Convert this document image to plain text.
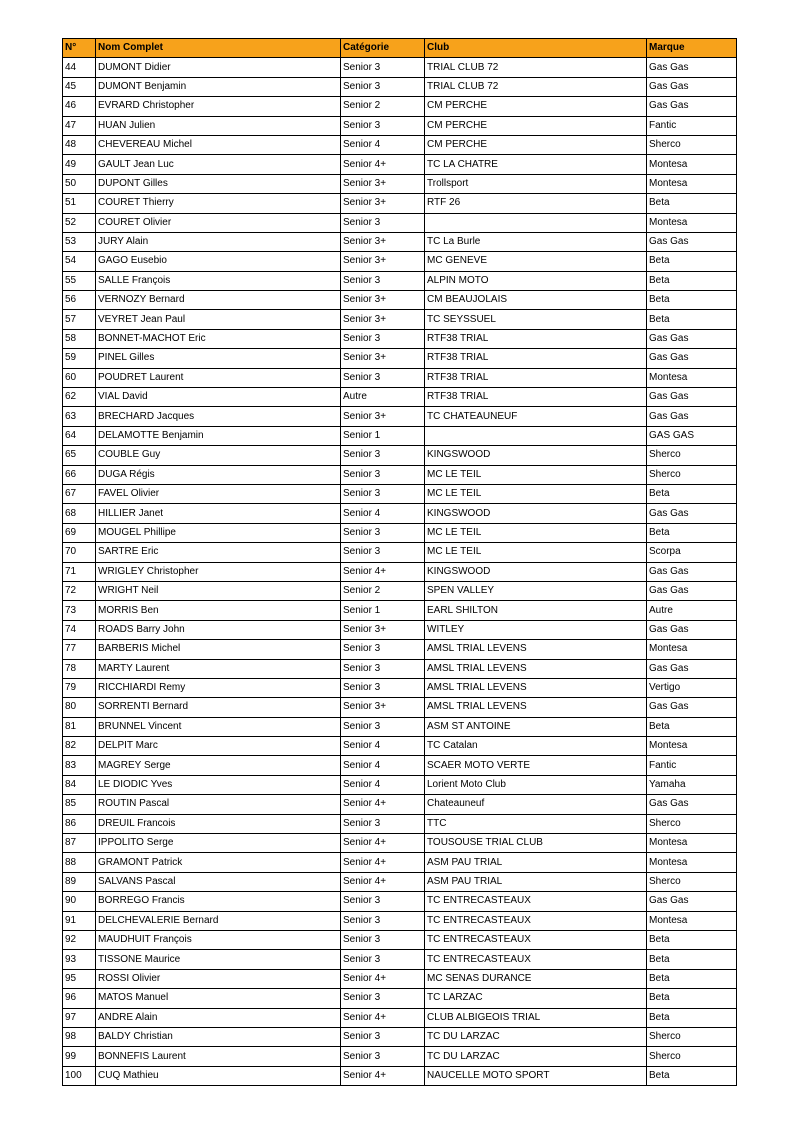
N°	Nom Complet	Catégorie	Club	Marque
44	DUMONT Didier	Senior 3	TRIAL CLUB 72	Gas Gas
45	DUMONT Benjamin	Senior 3	TRIAL CLUB 72	Gas Gas
46	EVRARD Christopher	Senior 2	CM PERCHE	Gas Gas
47	HUAN Julien	Senior 3	CM PERCHE	Fantic
48	CHEVEREAU Michel	Senior 4	CM PERCHE	Sherco
49	GAULT Jean Luc	Senior 4+	TC LA CHATRE	Montesa
50	DUPONT Gilles	Senior 3+	Trollsport	Montesa
51	COURET Thierry	Senior 3+	RTF 26	Beta
52	COURET Olivier	Senior 3		Montesa
53	JURY Alain	Senior 3+	TC La Burle	Gas Gas
54	GAGO Eusebio	Senior 3+	MC GENEVE	Beta
55	SALLE François	Senior 3	ALPIN MOTO	Beta
56	VERNOZY Bernard	Senior 3+	CM BEAUJOLAIS	Beta
57	VEYRET Jean Paul	Senior 3+	TC SEYSSUEL	Beta
58	BONNET-MACHOT Eric	Senior 3	RTF38 TRIAL	Gas Gas
59	PINEL Gilles	Senior 3+	RTF38 TRIAL	Gas Gas
60	POUDRET Laurent	Senior 3	RTF38 TRIAL	Montesa
62	VIAL David	Autre	RTF38 TRIAL	Gas Gas
63	BRECHARD Jacques	Senior 3+	TC CHATEAUNEUF	Gas Gas
64	DELAMOTTE Benjamin	Senior 1		GAS GAS
65	COUBLE Guy	Senior 3	KINGSWOOD	Sherco
66	DUGA Régis	Senior 3	MC LE TEIL	Sherco
67	FAVEL Olivier	Senior 3	MC LE TEIL	Beta
68	HILLIER Janet	Senior 4	KINGSWOOD	Gas Gas
69	MOUGEL Phillipe	Senior 3	MC LE TEIL	Beta
70	SARTRE Eric	Senior 3	MC LE TEIL	Scorpa
71	WRIGLEY Christopher	Senior 4+	KINGSWOOD	Gas Gas
72	WRIGHT Neil	Senior 2	SPEN VALLEY	Gas Gas
73	MORRIS Ben	Senior 1	EARL SHILTON	Autre
74	ROADS Barry John	Senior 3+	WITLEY	Gas Gas
77	BARBERIS Michel	Senior 3	AMSL TRIAL LEVENS	Montesa
78	MARTY Laurent	Senior 3	AMSL TRIAL LEVENS	Gas Gas
79	RICCHIARDI Remy	Senior 3	AMSL TRIAL LEVENS	Vertigo
80	SORRENTI Bernard	Senior 3+	AMSL TRIAL LEVENS	Gas Gas
81	BRUNNEL Vincent	Senior 3	ASM ST ANTOINE	Beta
82	DELPIT Marc	Senior 4	TC Catalan	Montesa
83	MAGREY Serge	Senior 4	SCAER MOTO VERTE	Fantic
84	LE DIODIC Yves	Senior 4	Lorient Moto Club	Yamaha
85	ROUTIN Pascal	Senior 4+	Chateauneuf	Gas Gas
86	DREUIL Francois	Senior 3	TTC	Sherco
87	IPPOLITO Serge	Senior 4+	TOUSOUSE TRIAL CLUB	Montesa
88	GRAMONT Patrick	Senior 4+	ASM PAU TRIAL	Montesa
89	SALVANS Pascal	Senior 4+	ASM PAU TRIAL	Sherco
90	BORREGO Francis	Senior 3	TC ENTRECASTEAUX	Gas Gas
91	DELCHEVALERIE Bernard	Senior 3	TC ENTRECASTEAUX	Montesa
92	MAUDHUIT François	Senior 3	TC ENTRECASTEAUX	Beta
93	TISSONE Maurice	Senior 3	TC ENTRECASTEAUX	Beta
95	ROSSI Olivier	Senior 4+	MC SENAS DURANCE	Beta
96	MATOS Manuel	Senior 3	TC LARZAC	Beta
97	ANDRE Alain	Senior 4+	CLUB ALBIGEOIS TRIAL	Beta
98	BALDY Christian	Senior 3	TC DU LARZAC	Sherco
99	BONNEFIS Laurent	Senior 3	TC DU LARZAC	Sherco
100	CUQ Mathieu	Senior 4+	NAUCELLE MOTO SPORT	Beta
